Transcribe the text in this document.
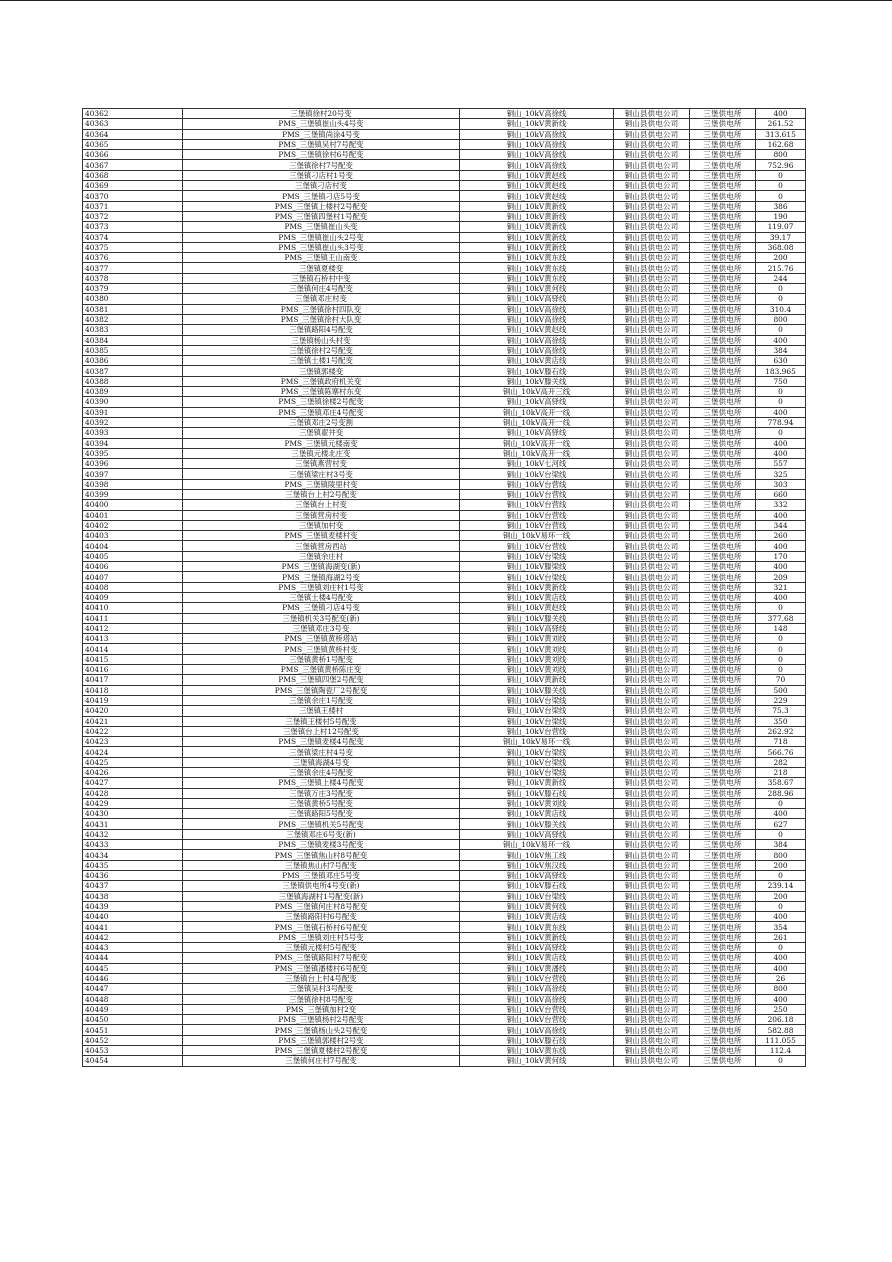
40362	三堡镇徐村20号变	铜山_10kV高徐线	铜山县供电公司	三堡供电所	400
40363	PMS_三堡镇崔山头4号变	铜山_10kV黄新线	铜山县供电公司	三堡供电所	261.52
40364	PMS_三堡镇尚涂4号变	铜山_10kV高徐线	铜山县供电公司	三堡供电所	313.615
40365	PMS_三堡镇吴村7号配变	铜山_10kV高徐线	铜山县供电公司	三堡供电所	162.68
40366	PMS_三堡镇徐村6号配变	铜山_10kV高徐线	铜山县供电公司	三堡供电所	800
40367	三堡镇徐村7号配变	铜山_10kV高徐线	铜山县供电公司	三堡供电所	752.96
40368	三堡镇刁店村1号变	铜山_10kV黄赵线	铜山县供电公司	三堡供电所	0
40369	三堡镇刁店村变	铜山_10kV黄赵线	铜山县供电公司	三堡供电所	0
40370	PMS_三堡镇刁店5号变	铜山_10kV黄赵线	铜山县供电公司	三堡供电所	0
40371	PMS_三堡镇上楼村2号配变	铜山_10kV黄新线	铜山县供电公司	三堡供电所	386
40372	PMS_三堡镇四堡村1号配变	铜山_10kV黄新线	铜山县供电公司	三堡供电所	190
40373	PMS_三堡镇崔山头变	铜山_10kV黄新线	铜山县供电公司	三堡供电所	119.07
40374	PMS_三堡镇崔山头2号变	铜山_10kV黄新线	铜山县供电公司	三堡供电所	39.17
40375	PMS_三堡镇崔山头3号变	铜山_10kV黄新线	铜山县供电公司	三堡供电所	368.08
40376	PMS_三堡镇王山南变	铜山_10kV黄东线	铜山县供电公司	三堡供电所	200
40377	三堡镇夏楼变	铜山_10kV黄东线	铜山县供电公司	三堡供电所	215.76
40378	三堡镇石桥村中变	铜山_10kV黄东线	铜山县供电公司	三堡供电所	244
40379	三堡镇何庄4号配变	铜山_10kV黄何线	铜山县供电公司	三堡供电所	0
40380	三堡镇邓庄村变	铜山_10kV高驿线	铜山县供电公司	三堡供电所	0
40381	PMS_三堡镇徐村四队变	铜山_10kV高徐线	铜山县供电公司	三堡供电所	310.4
40382	PMS_三堡镇徐村大队变	铜山_10kV高徐线	铜山县供电公司	三堡供电所	800
40383	三堡镇路阳4号配变	铜山_10kV黄赵线	铜山县供电公司	三堡供电所	0
40384	三堡镇杨山头村变	铜山_10kV高徐线	铜山县供电公司	三堡供电所	400
40385	三堡镇徐村2号配变	铜山_10kV高徐线	铜山县供电公司	三堡供电所	384
40386	三堡镇土楼1号配变	铜山_10kV黄店线	铜山县供电公司	三堡供电所	630
40387	三堡镇郭楼变	铜山_10kV滕石线	铜山县供电公司	三堡供电所	183.965
40388	PMS_三堡镇政府机关变	铜山_10kV滕关线	铜山县供电公司	三堡供电所	750
40389	PMS_三堡镇陈寨村东变	铜山_10kV高开三线	铜山县供电公司	三堡供电所	0
40390	PMS_三堡镇徐楼2号配变	铜山_10kV高驿线	铜山县供电公司	三堡供电所	0
40391	PMS_三堡镇邓庄4号配变	铜山_10kV高开一线	铜山县供电公司	三堡供电所	400
40392	三堡镇邓庄2号变割	铜山_10kV高开一线	铜山县供电公司	三堡供电所	778.94
40393	三堡镇翟井变	铜山_10kV高驿线	铜山县供电公司	三堡供电所	0
40394	PMS_三堡镇元楼南变	铜山_10kV高开一线	铜山县供电公司	三堡供电所	400
40395	三堡镇元楼北庄变	铜山_10kV高开一线	铜山县供电公司	三堡供电所	400
40396	三堡镇燕营村变	铜山_10kV七河线	铜山县供电公司	三堡供电所	557
40397	三堡镇梁庄村3号变	铜山_10kV台梁线	铜山县供电公司	三堡供电所	325
40398	PMS_三堡镇陵里村变	铜山_10kV台营线	铜山县供电公司	三堡供电所	303
40399	三堡镇台上村2号配变	铜山_10kV台营线	铜山县供电公司	三堡供电所	660
40400	三堡镇台上村变	铜山_10kV台营线	铜山县供电公司	三堡供电所	332
40401	三堡镇营房村变	铜山_10kV台营线	铜山县供电公司	三堡供电所	400
40402	三堡镇加村变	铜山_10kV台营线	铜山县供电公司	三堡供电所	344
40403	PMS_三堡镇麦楼村变	铜山_10kV易环一线	铜山县供电公司	三堡供电所	260
40404	三堡镇营房西站	铜山_10kV台营线	铜山县供电公司	三堡供电所	400
40405	三堡镇余庄村	铜山_10kV台梁线	铜山县供电公司	三堡供电所	170
40406	PMS_三堡镇海湖变(新)	铜山_10kV滕梁线	铜山县供电公司	三堡供电所	400
40407	PMS_三堡镇海湖2号变	铜山_10kV台梁线	铜山县供电公司	三堡供电所	209
40408	PMS_三堡镇刘庄村1号变	铜山_10kV黄新线	铜山县供电公司	三堡供电所	321
40409	三堡镇土楼4号配变	铜山_10kV黄店线	铜山县供电公司	三堡供电所	400
40410	PMS_三堡镇刁店4号变	铜山_10kV黄赵线	铜山县供电公司	三堡供电所	0
40411	三堡镇机关3号配变(新)	铜山_10kV滕关线	铜山县供电公司	三堡供电所	377.68
40412	三堡镇邓庄3号变	铜山_10kV高驿线	铜山县供电公司	三堡供电所	148
40413	PMS_三堡镇黄桥塔站	铜山_10kV黄刘线	铜山县供电公司	三堡供电所	0
40414	PMS_三堡镇黄桥村变	铜山_10kV黄刘线	铜山县供电公司	三堡供电所	0
40415	三堡镇黄桥1号配变	铜山_10kV黄刘线	铜山县供电公司	三堡供电所	0
40416	PMS_三堡镇黄桥陈庄变	铜山_10kV黄刘线	铜山县供电公司	三堡供电所	0
40417	PMS_三堡镇四堡2号配变	铜山_10kV黄新线	铜山县供电公司	三堡供电所	70
40418	PMS_三堡镇陶瓷厂2号配变	铜山_10kV滕关线	铜山县供电公司	三堡供电所	500
40419	三堡镇余庄1号配变	铜山_10kV台梁线	铜山县供电公司	三堡供电所	229
40420	三堡镇王楼村	铜山_10kV台梁线	铜山县供电公司	三堡供电所	75.3
40421	三堡镇王楼村5号配变	铜山_10kV台梁线	铜山县供电公司	三堡供电所	350
40422	三堡镇台上村12号配变	铜山_10kV台营线	铜山县供电公司	三堡供电所	262.92
40423	PMS_三堡镇麦楼4号配变	铜山_10kV易环一线	铜山县供电公司	三堡供电所	718
40424	三堡镇梁庄村4号变	铜山_10kV台梁线	铜山县供电公司	三堡供电所	566.76
40425	三堡镇海湖4号变	铜山_10kV台梁线	铜山县供电公司	三堡供电所	282
40426	三堡镇余庄4号配变	铜山_10kV台梁线	铜山县供电公司	三堡供电所	218
40427	PMS_三堡镇上楼4号配变	铜山_10kV黄新线	铜山县供电公司	三堡供电所	358.67
40428	三堡镇万庄3号配变	铜山_10kV滕石线	铜山县供电公司	三堡供电所	288.96
40429	三堡镇黄桥5号配变	铜山_10kV黄刘线	铜山县供电公司	三堡供电所	0
40430	三堡镇路阳5号配变	铜山_10kV黄店线	铜山县供电公司	三堡供电所	400
40431	PMS_三堡镇机关5号配变	铜山_10kV滕关线	铜山县供电公司	三堡供电所	627
40432	三堡镇邓庄6号变(新)	铜山_10kV高驿线	铜山县供电公司	三堡供电所	0
40433	PMS_三堡镇麦楼3号配变	铜山_10kV易环一线	铜山县供电公司	三堡供电所	384
40434	PMS_三堡镇焦山村8号配变	铜山_10kV焦工线	铜山县供电公司	三堡供电所	800
40435	三堡镇焦山村7号配变	铜山_10kV焦汉线	铜山县供电公司	三堡供电所	200
40436	PMS_三堡镇邓庄5号变	铜山_10kV高驿线	铜山县供电公司	三堡供电所	0
40437	三堡镇供电所4号变(新)	铜山_10kV滕石线	铜山县供电公司	三堡供电所	239.14
40438	三堡镇海湖村1号配变(新)	铜山_10kV台梁线	铜山县供电公司	三堡供电所	200
40439	PMS_三堡镇何庄村8号配变	铜山_10kV黄何线	铜山县供电公司	三堡供电所	0
40440	三堡镇路阳村6号配变	铜山_10kV黄店线	铜山县供电公司	三堡供电所	400
40441	PMS_三堡镇石桥村6号配变	铜山_10kV黄东线	铜山县供电公司	三堡供电所	354
40442	PMS_三堡镇刘庄村5号变	铜山_10kV黄新线	铜山县供电公司	三堡供电所	261
40443	三堡镇元楼村5号配变	铜山_10kV高驿线	铜山县供电公司	三堡供电所	0
40444	PMS_三堡镇路阳村7号配变	铜山_10kV黄店线	铜山县供电公司	三堡供电所	400
40445	PMS_三堡镇潘楼村6号配变	铜山_10kV黄潘线	铜山县供电公司	三堡供电所	400
40446	三堡镇台上村4号配变	铜山_10kV台营线	铜山县供电公司	三堡供电所	26
40447	三堡镇吴村3号配变	铜山_10kV高徐线	铜山县供电公司	三堡供电所	800
40448	三堡镇徐村8号配变	铜山_10kV高徐线	铜山县供电公司	三堡供电所	400
40449	PMS_三堡镇加村2变	铜山_10kV台营线	铜山县供电公司	三堡供电所	250
40450	PMS_三堡镇杨村2号配变	铜山_10kV台营线	铜山县供电公司	三堡供电所	206.18
40451	PMS_三堡镇杨山头2号配变	铜山_10kV高徐线	铜山县供电公司	三堡供电所	582.88
40452	PMS_三堡镇郭楼村2号变	铜山_10kV滕石线	铜山县供电公司	三堡供电所	111.055
40453	PMS_三堡镇夏楼村2号配变	铜山_10kV黄东线	铜山县供电公司	三堡供电所	112.4
40454	三堡镇何庄村7号配变	铜山_10kV黄何线	铜山县供电公司	三堡供电所	0
